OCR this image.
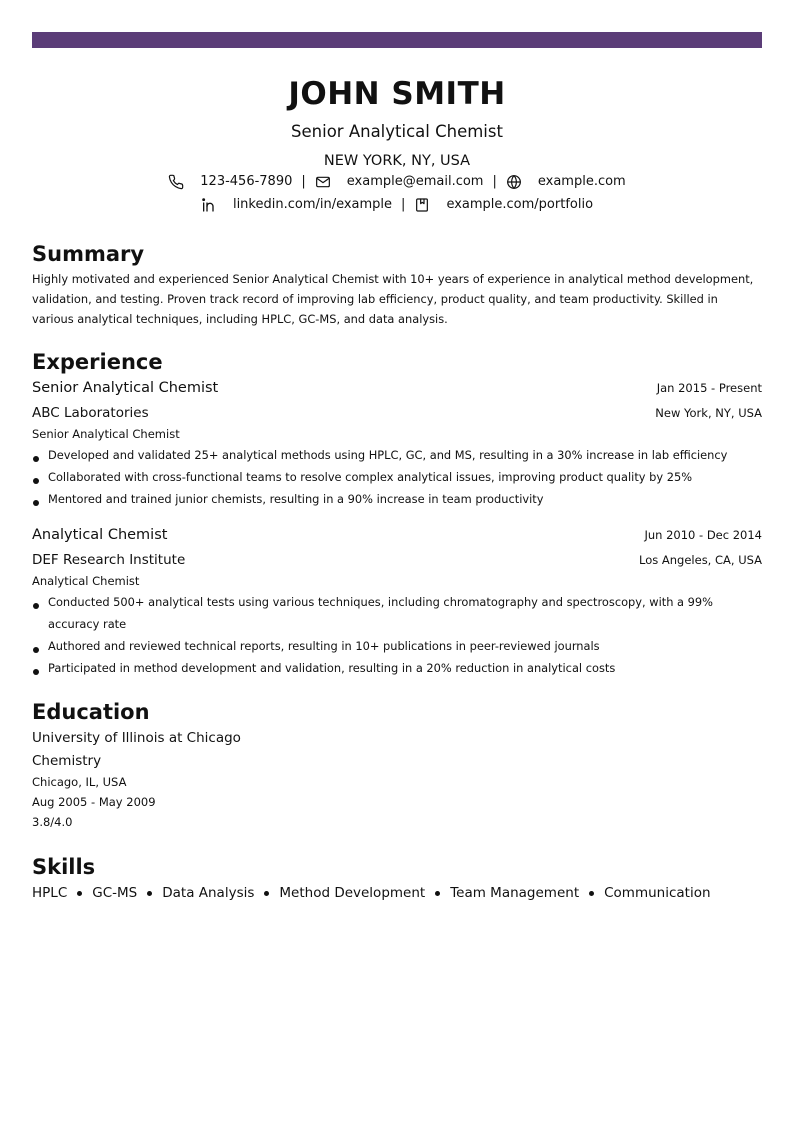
JOHN SMITH
Senior Analytical Chemist
NEW YORK, NY, USA
123-456-7890 |	example@email.com |	example.com
linkedin.com/in/example |	example.com/portfolio
Summary
Highly motivated and experienced Senior Analytical Chemist with 10+ years of experience in analytical method development, validation, and testing. Proven track record of improving lab efficiency, product quality, and team productivity. Skilled in various analytical techniques, including HPLC, GC-MS, and data analysis.
Experience
Senior Analytical Chemist	Jan 2015 - Present
ABC Laboratories	New York, NY, USA
Senior Analytical Chemist
Developed and validated 25+ analytical methods using HPLC, GC, and MS, resulting in a 30% increase in lab efficiency
Collaborated with cross-functional teams to resolve complex analytical issues, improving product quality by 25%
Mentored and trained junior chemists, resulting in a 90% increase in team productivity
Analytical Chemist	Jun 2010 - Dec 2014
DEF Research Institute	Los Angeles, CA, USA
Analytical Chemist
Conducted 500+ analytical tests using various techniques, including chromatography and spectroscopy, with a 99% accuracy rate
Authored and reviewed technical reports, resulting in 10+ publications in peer-reviewed journals
Participated in method development and validation, resulting in a 20% reduction in analytical costs
Education
University of Illinois at Chicago
Chemistry
Chicago, IL, USA
Aug 2005 - May 2009
3.8/4.0
Skills
HPLC GC-MS Data Analysis Method Development Team Management Communication
